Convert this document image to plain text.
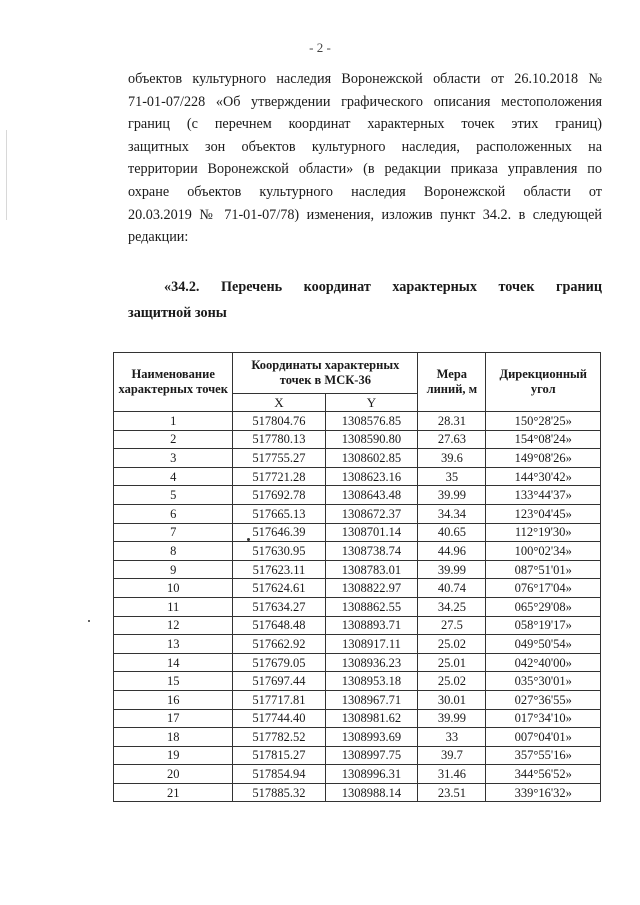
- 2 -
объектов культурного наследия Воронежской области от 26.10.2018 №
71-01-07/228 «Об утверждении графического описания местоположения
границ (с перечнем координат характерных точек этих границ)
защитных зон объектов культурного наследия, расположенных на
территории Воронежской области» (в редакции приказа управления по
охране объектов культурного наследия Воронежской области от
20.03.2019 № 71-01-07/78) изменения, изложив пункт 34.2. в следующей
редакции:
«34.2. Перечень координат характерных точек границ
защитной зоны
Наименование характерных точек	Координаты характерных точек в МСК-36		Мера линий, м	Дирекционный угол
	X	Y		
1	517804.76	1308576.85	28.31	150°28'25»
2	517780.13	1308590.80	27.63	154°08'24»
3	517755.27	1308602.85	39.6	149°08'26»
4	517721.28	1308623.16	35	144°30'42»
5	517692.78	1308643.48	39.99	133°44'37»
6	517665.13	1308672.37	34.34	123°04'45»
7	517646.39	1308701.14	40.65	112°19'30»
8	517630.95	1308738.74	44.96	100°02'34»
9	517623.11	1308783.01	39.99	087°51'01»
10	517624.61	1308822.97	40.74	076°17'04»
11	517634.27	1308862.55	34.25	065°29'08»
12	517648.48	1308893.71	27.5	058°19'17»
13	517662.92	1308917.11	25.02	049°50'54»
14	517679.05	1308936.23	25.01	042°40'00»
15	517697.44	1308953.18	25.02	035°30'01»
16	517717.81	1308967.71	30.01	027°36'55»
17	517744.40	1308981.62	39.99	017°34'10»
18	517782.52	1308993.69	33	007°04'01»
19	517815.27	1308997.75	39.7	357°55'16»
20	517854.94	1308996.31	31.46	344°56'52»
21	517885.32	1308988.14	23.51	339°16'32»
